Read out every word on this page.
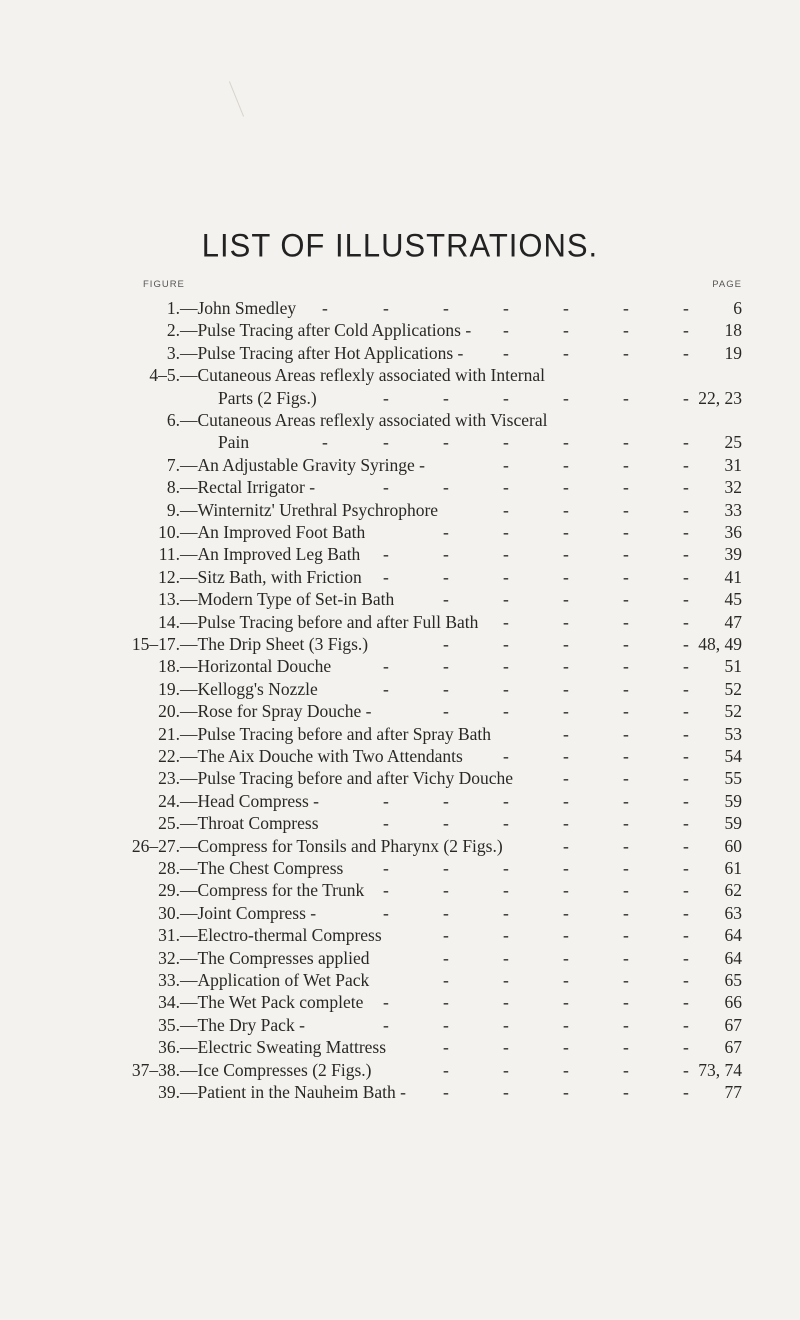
LIST OF ILLUSTRATIONS.
FIGURE	PAGE
1. —John Smedley	6
-	-	-	-	-	-	-
2. —Pulse Tracing after Cold Applications -	18
-	-	-	-
3. —Pulse Tracing after Hot Applications -	19
-	-	-	-
4–5. —Cutaneous Areas reflexly associated with Internal
Parts (2 Figs.)	22, 23
-	-	-	-	-	-
6. —Cutaneous Areas reflexly associated with Visceral
Pain	25
-	-	-	-	-	-	-
7. —An Adjustable Gravity Syringe -	31
-	-	-	-
8. —Rectal Irrigator -	32
-	-	-	-	-	-
9. —Winternitz' Urethral Psychrophore	33
-	-	-	-
10. —An Improved Foot Bath	36
-	-	-	-	-
11. —An Improved Leg Bath	39
-	-	-	-	-	-
12. —Sitz Bath, with Friction	41
-	-	-	-	-	-
13. —Modern Type of Set-in Bath	45
-	-	-	-	-
14. —Pulse Tracing before and after Full Bath	47
-	-	-	-
15–17. —The Drip Sheet (3 Figs.)	48, 49
-	-	-	-	-
18. —Horizontal Douche	51
-	-	-	-	-	-
19. —Kellogg's Nozzle	52
-	-	-	-	-	-
20. —Rose for Spray Douche -	52
-	-	-	-	-
21. —Pulse Tracing before and after Spray Bath	53
-	-	-
22. —The Aix Douche with Two Attendants	54
-	-	-	-
23. —Pulse Tracing before and after Vichy Douche	55
-	-	-
24. —Head Compress -	59
-	-	-	-	-	-
25. —Throat Compress	59
-	-	-	-	-	-
26–27. —Compress for Tonsils and Pharynx (2 Figs.)	60
-	-	-
28. —The Chest Compress	61
-	-	-	-	-	-
29. —Compress for the Trunk	62
-	-	-	-	-	-
30. —Joint Compress -	63
-	-	-	-	-	-
31. —Electro-thermal Compress	64
-	-	-	-	-
32. —The Compresses applied	64
-	-	-	-	-
33. —Application of Wet Pack	65
-	-	-	-	-
34. —The Wet Pack complete	66
-	-	-	-	-	-
35. —The Dry Pack -	67
-	-	-	-	-	-
36. —Electric Sweating Mattress	67
-	-	-	-	-
37–38. —Ice Compresses (2 Figs.)	73, 74
-	-	-	-	-
39. —Patient in the Nauheim Bath -	77
-	-	-	-	-
